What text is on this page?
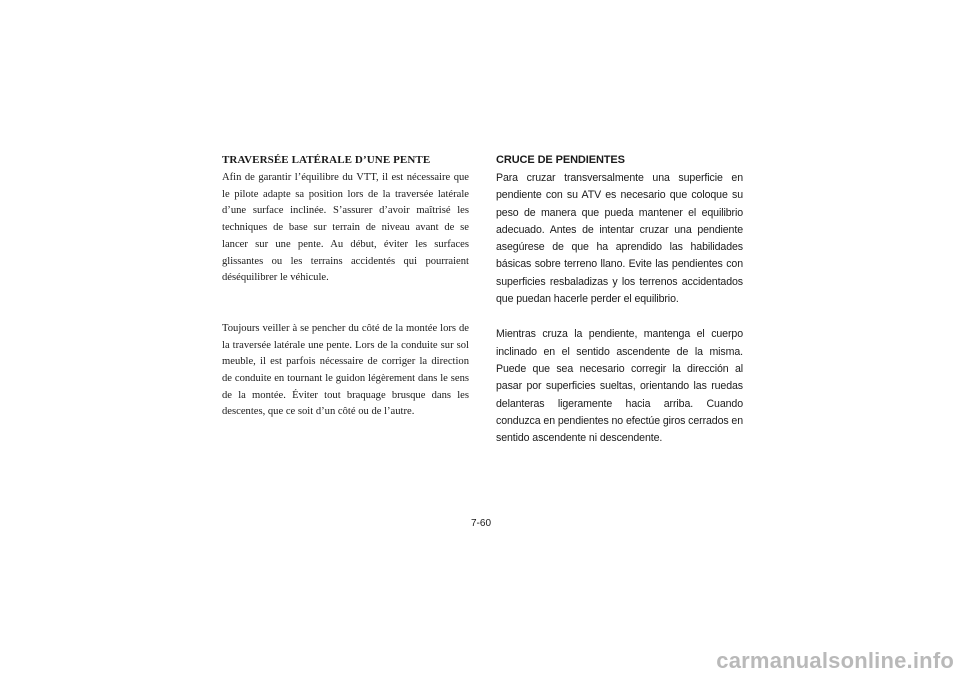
TRAVERSÉE LATÉRALE D’UNE PENTE

Afin de garantir l’équilibre du VTT, il est nécessaire que le pilote adapte sa position lors de la traversée latérale d’une surface inclinée. S’assurer d’avoir maîtrisé les techniques de base sur terrain de niveau avant de se lancer sur une pente. Au début, éviter les surfaces glissantes ou les terrains accidentés qui pourraient déséquilibrer le véhicule.

Toujours veiller à se pencher du côté de la montée lors de la traversée latérale une pente. Lors de la conduite sur sol meuble, il est parfois nécessaire de corriger la direction de conduite en tournant le guidon légèrement dans le sens de la montée. Éviter tout braquage brusque dans les descentes, que ce soit d’un côté ou de l’autre.

CRUCE DE PENDIENTES

Para cruzar transversalmente una superficie en pendiente con su ATV es necesario que coloque su peso de manera que pueda mantener el equilibrio adecuado. Antes de intentar cruzar una pendiente asegúrese de que ha aprendido las habilidades básicas sobre terreno llano. Evite las pendientes con superficies resbaladizas y los terrenos accidentados que puedan hacerle perder el equilibrio.

Mientras cruza la pendiente, mantenga el cuerpo inclinado en el sentido ascendente de la misma. Puede que sea necesario corregir la dirección al pasar por superficies sueltas, orientando las ruedas delanteras ligeramente hacia arriba. Cuando conduzca en pendientes no efectúe giros cerrados en sentido ascendente ni descendente.

7-60
carmanualsonline.info
